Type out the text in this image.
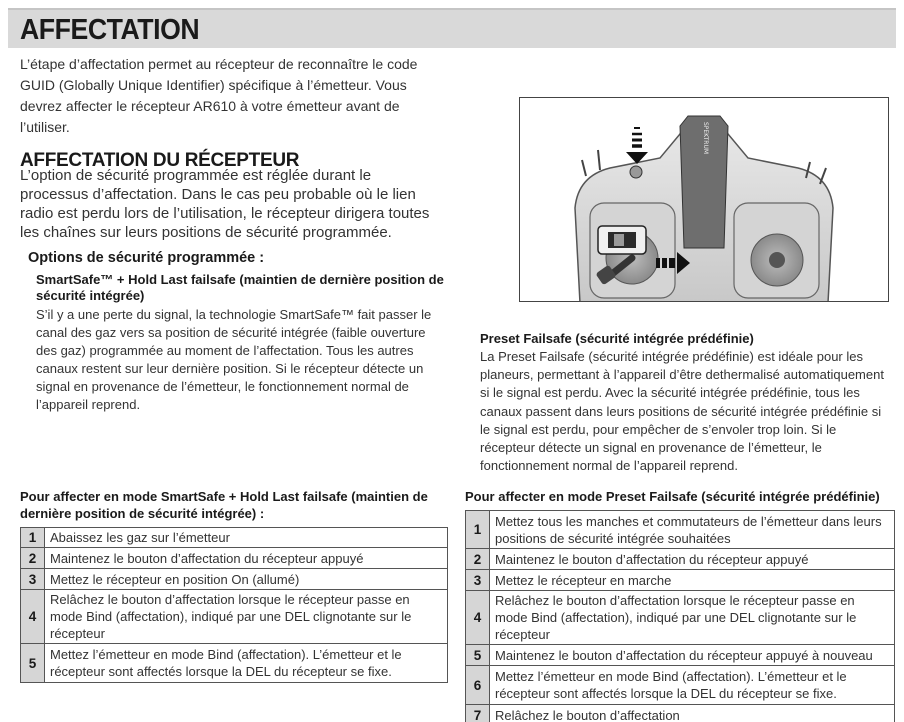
AFFECTATION

L’étape d’affectation permet au récepteur de reconnaître le code GUID (Globally Unique Identifier) spécifique à l’émetteur. Vous devrez affecter le récepteur AR610 à votre émetteur avant de l’utiliser.

L’option de sécurité programmée est réglée durant le processus d’affectation. Dans le cas peu probable où le lien radio est perdu lors de l’utilisation, le récepteur dirigera toutes les chaînes sur leurs positions de sécurité programmée.

AFFECTATION DU RÉCEPTEUR
Options de sécurité programmée :
SmartSafe™ + Hold Last failsafe (maintien de dernière position de sécurité intégrée)

S’il y a une perte du signal, la technologie SmartSafe™ fait passer le canal des gaz vers sa position de sécurité intégrée (faible ouverture des gaz) programmée au moment de l’affectation. Tous les autres canaux restent sur leur dernière position. Si le récepteur détecte un signal en provenance de l’émetteur, le fonctionnement normal de l’appareil reprend.

SPEKTRUM
Preset Failsafe (sécurité intégrée prédéfinie)

La Preset Failsafe (sécurité intégrée prédéfinie) est idéale pour les planeurs, permettant à l’appareil d’être dethermalisé automatiquement si le signal est perdu. Avec la sécurité intégrée prédéfinie, tous les canaux passent dans leurs positions de sécurité intégrée prédéfinie si le signal est perdu, pour empêcher de s’envoler trop loin. Si le récepteur détecte un signal en provenance de l’émetteur, le fonctionnement normal de l’appareil reprend.

Pour affecter en mode SmartSafe + Hold Last failsafe (maintien de dernière position de sécurité intégrée) :
1	Abaissez les gaz sur l’émetteur
2	Maintenez le bouton d’affectation du récepteur appuyé
3	Mettez le récepteur en position On (allumé)
4	Relâchez le bouton d’affectation lorsque le récepteur passe en mode Bind (affectation), indiqué par une DEL clignotante sur le récepteur
5	Mettez l’émetteur en mode Bind (affectation). L’émetteur et le récepteur sont affectés lorsque la DEL du récepteur se fixe.
Pour affecter en mode Preset Failsafe (sécurité intégrée prédéfinie)
1	Mettez tous les manches et commutateurs de l’émetteur dans leurs positions de sécurité intégrée souhaitées
2	Maintenez le bouton d’affectation du récepteur appuyé
3	Mettez le récepteur en marche
4	Relâchez le bouton d’affectation lorsque le récepteur passe en mode Bind (affectation), indiqué par une DEL clignotante sur le récepteur
5	Maintenez le bouton d’affectation du récepteur appuyé à nouveau
6	Mettez l’émetteur en mode Bind (affectation). L’émetteur et le récepteur sont affectés lorsque la DEL du récepteur se fixe.
7	Relâchez le bouton d’affectation
